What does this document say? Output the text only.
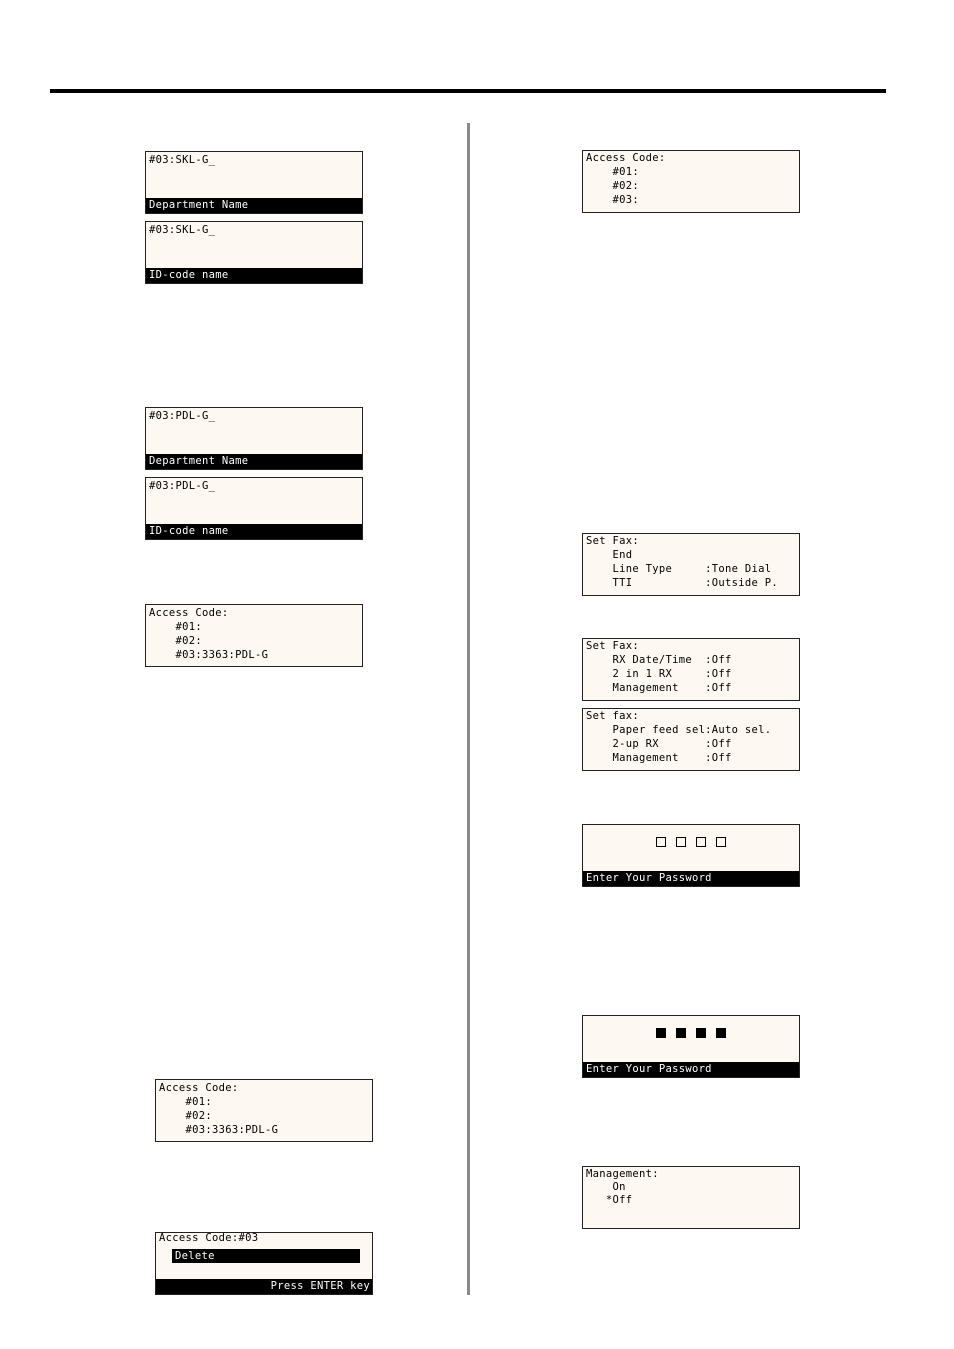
#03:SKL-G_
Department Name
#03:SKL-G_
ID-code name
#03:PDL-G_
Department Name
#03:PDL-G_
ID-code name
Access Code:
#01:
#02:
#03:3363:PDL-G
Access Code:
#01:
#02:
#03:3363:PDL-G
Access Code:#03
Delete
Press ENTER key
Access Code:
#01:
#02:
#03:
Set Fax:
End
Line Type     :Tone Dial
TTI           :Outside P.
Set Fax:
RX Date/Time  :Off
2 in 1 RX     :Off
Management    :Off
Set fax:
Paper feed sel:Auto sel.
2-up RX       :Off
Management    :Off
Enter Your Password
Enter Your Password
Management:
On
*Off
